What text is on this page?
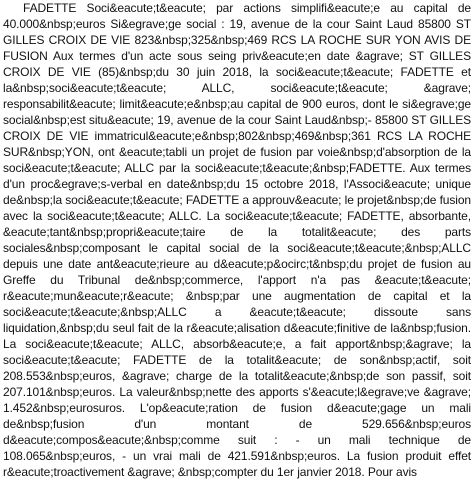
FADETTE Soci&eacute;t&eacute; par actions simplifi&eacute;e au capital de 40.000&nbsp;euros Si&egrave;ge social : 19, avenue de la cour Saint Laud 85800 ST GILLES CROIX DE VIE 823&nbsp;325&nbsp;469 RCS LA ROCHE SUR YON AVIS DE FUSION Aux termes d'un acte sous seing priv&eacute;en date &agrave; ST GILLES CROIX DE VIE (85)&nbsp;du 30 juin 2018, la soci&eacute;t&eacute; FADETTE et la&nbsp;soci&eacute;t&eacute; ALLC, soci&eacute;t&eacute; &agrave; responsabilit&eacute; limit&eacute;e&nbsp;au capital de 900 euros, dont le si&egrave;ge social&nbsp;est situ&eacute; 19, avenue de la cour Saint Laud&nbsp;- 85800 ST GILLES CROIX DE VIE immatricul&eacute;e&nbsp;802&nbsp;469&nbsp;361 RCS LA ROCHE SUR&nbsp;YON, ont &eacute;tabli un projet de fusion par voie&nbsp;d'absorption de la soci&eacute;t&eacute; ALLC par la soci&eacute;t&eacute;&nbsp;FADETTE. Aux termes d'un proc&egrave;s-verbal en date&nbsp;du 15 octobre 2018, l'Associ&eacute; unique de&nbsp;la soci&eacute;t&eacute; FADETTE a approuv&eacute; le projet&nbsp;de fusion avec la soci&eacute;t&eacute; ALLC. La soci&eacute;t&eacute; FADETTE, absorbante, &eacute;tant&nbsp;propri&eacute;taire de la totalit&eacute; des parts sociales&nbsp;composant le capital social de la soci&eacute;t&eacute;&nbsp;ALLC depuis une date ant&eacute;rieure au d&eacute;p&ocirc;t&nbsp;du projet de fusion au Greffe du Tribunal de&nbsp;commerce, l'apport n'a pas &eacute;t&eacute; r&eacute;mun&eacute;r&eacute; &nbsp;par une augmentation de capital et la soci&eacute;t&eacute;&nbsp;ALLC a &eacute;t&eacute; dissoute sans liquidation,&nbsp;du seul fait de la r&eacute;alisation d&eacute;finitive de la&nbsp;fusion. La soci&eacute;t&eacute; ALLC, absorb&eacute;e, a fait apport&nbsp;&agrave; la soci&eacute;t&eacute; FADETTE de la totalit&eacute; de son&nbsp;actif, soit 208.553&nbsp;euros, &agrave; charge de la totalit&eacute;&nbsp;de son passif, soit 207.101&nbsp;euros. La valeur&nbsp;nette des apports s'&eacute;l&egrave;ve &agrave; 1.452&nbsp;eurosuros. L'op&eacute;ration de fusion d&eacute;gage un mali de&nbsp;fusion d'un montant de 529.656&nbsp;euros d&eacute;compos&eacute;&nbsp;comme suit : - un mali technique de 108.065&nbsp;euros, - un vrai mali de 421.591&nbsp;euros. La fusion produit effet r&eacute;troactivement &agrave; &nbsp;compter du 1er janvier 2018. Pour avis
